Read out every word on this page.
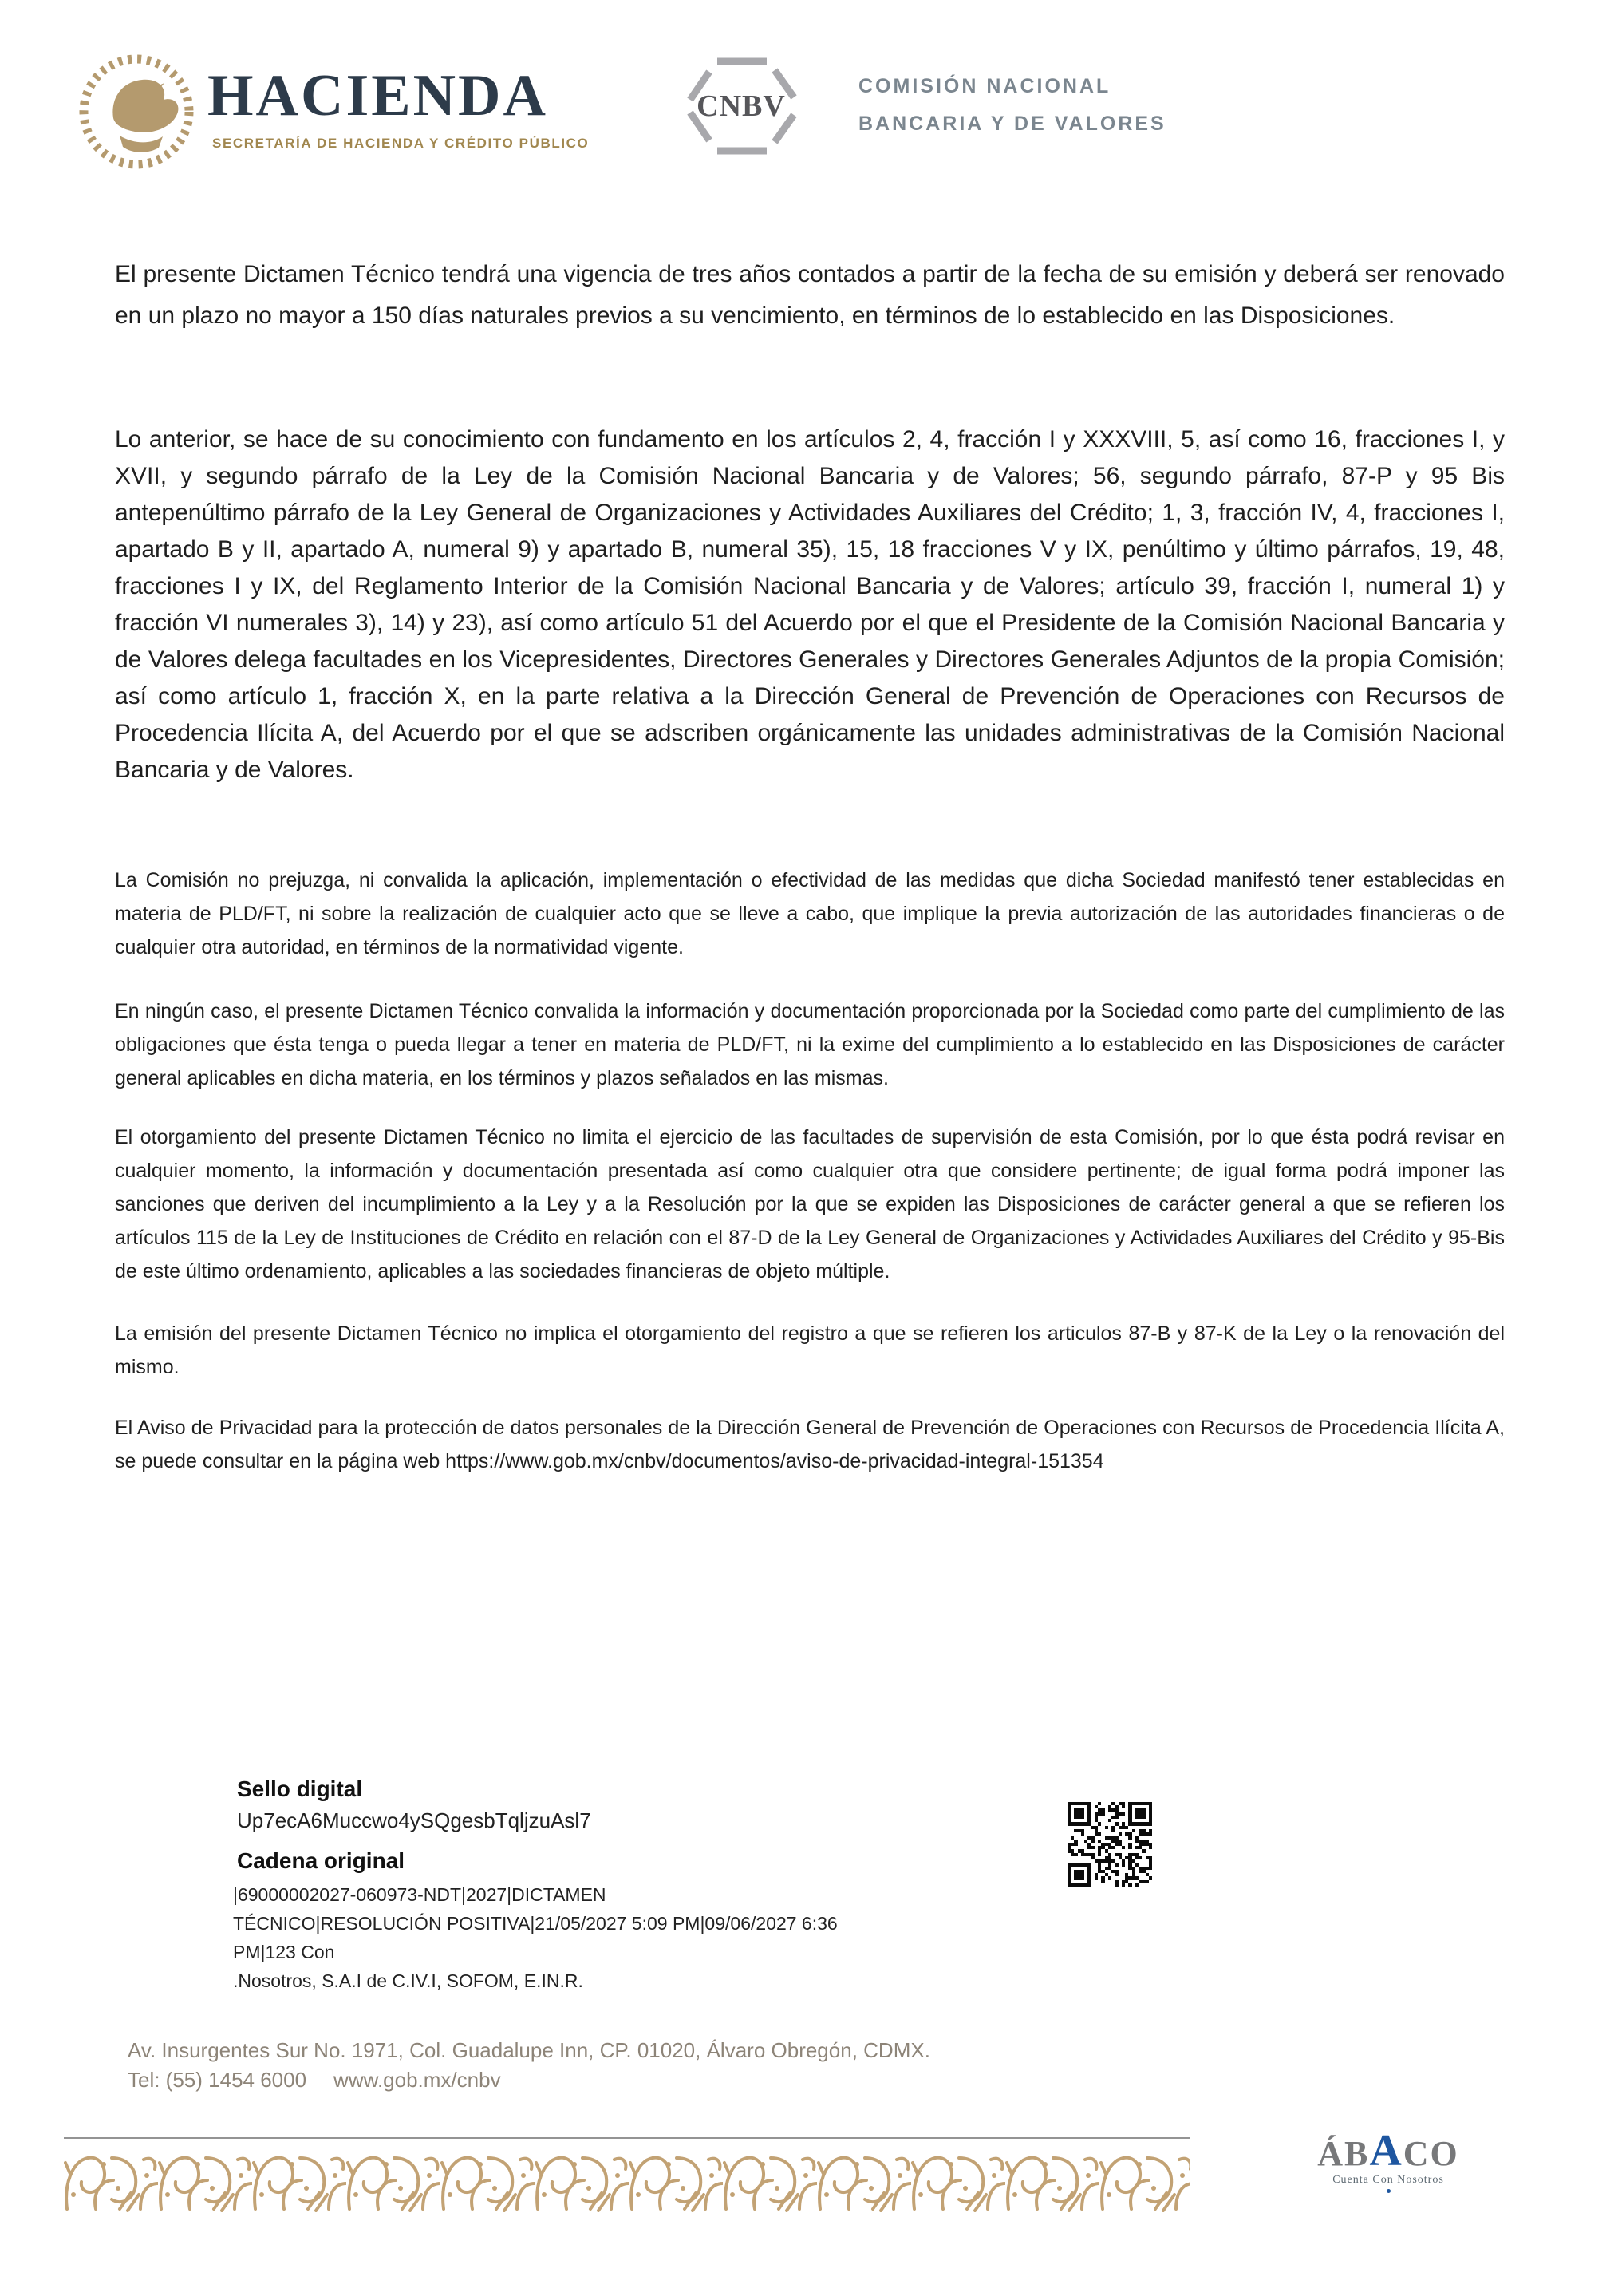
HACIENDA
SECRETARÍA DE HACIENDA Y CRÉDITO PÚBLICO
CNBV
COMISIÓN NACIONAL
BANCARIA Y DE VALORES
El presente Dictamen Técnico tendrá una vigencia de tres años contados a partir de la fecha de su emisión y deberá ser renovado en un plazo no mayor a 150 días naturales previos a su vencimiento, en términos de lo establecido en las Disposiciones.
Lo anterior, se hace de su conocimiento con fundamento en los artículos 2, 4, fracción I y XXXVIII, 5, así como 16, fracciones I, y XVII, y segundo párrafo de la Ley de la Comisión Nacional Bancaria y de Valores; 56, segundo párrafo, 87-P y 95 Bis antepenúltimo párrafo de la Ley General de Organizaciones y Actividades Auxiliares del Crédito; 1, 3, fracción IV, 4, fracciones I, apartado B y II, apartado A, numeral 9) y apartado B, numeral 35), 15, 18 fracciones V y IX, penúltimo y último párrafos, 19, 48, fracciones I y IX, del Reglamento Interior de la Comisión Nacional Bancaria y de Valores; artículo 39, fracción I, numeral 1) y fracción VI numerales 3), 14) y 23), así como artículo 51 del Acuerdo por el que el Presidente de la Comisión Nacional Bancaria y de Valores delega facultades en los Vicepresidentes, Directores Generales y Directores Generales Adjuntos de la propia Comisión; así como artículo 1, fracción X, en la parte relativa a la Dirección General de Prevención de Operaciones con Recursos de Procedencia Ilícita A, del Acuerdo por el que se adscriben orgánicamente las unidades administrativas de la Comisión Nacional Bancaria y de Valores.
La Comisión no prejuzga, ni convalida la aplicación, implementación o efectividad de las medidas que dicha Sociedad manifestó tener establecidas en materia de PLD/FT, ni sobre la realización de cualquier acto que se lleve a cabo, que implique la previa autorización de las autoridades financieras o de cualquier otra autoridad, en términos de la normatividad vigente.
En ningún caso, el presente Dictamen Técnico convalida la información y documentación proporcionada por la Sociedad como parte del cumplimiento de las obligaciones que ésta tenga o pueda llegar a tener en materia de PLD/FT, ni la exime del cumplimiento a lo establecido en las Disposiciones de carácter general aplicables en dicha materia, en los términos y plazos señalados en las mismas.
El otorgamiento del presente Dictamen Técnico no limita el ejercicio de las facultades de supervisión de esta Comisión, por lo que ésta podrá revisar en cualquier momento, la información y documentación presentada así como cualquier otra que considere pertinente; de igual forma podrá imponer las sanciones que deriven del incumplimiento a la Ley y a la Resolución por la que se expiden las Disposiciones de carácter general a que se refieren los artículos 115 de la Ley de Instituciones de Crédito en relación con el 87-D de la Ley General de Organizaciones y Actividades Auxiliares del Crédito y 95-Bis de este último ordenamiento, aplicables a las sociedades financieras de objeto múltiple.
La emisión del presente Dictamen Técnico no implica el otorgamiento del registro a que se refieren los articulos 87-B y 87-K de la Ley o la renovación del mismo.
El Aviso de Privacidad para la protección de datos personales de la Dirección General de Prevención de Operaciones con Recursos de Procedencia Ilícita A, se puede consultar en la página web https://www.gob.mx/cnbv/documentos/aviso-de-privacidad-integral-151354
Sello digital
Up7ecA6Muccwo4ySQgesbTqljzuAsl7
Cadena original
|69000002027-060973-NDT|2027|DICTAMEN
TÉCNICO|RESOLUCIÓN POSITIVA|21/05/2027 5:09 PM|09/06/2027 6:36 PM|123 Con
.Nosotros, S.A.I de C.IV.I, SOFOM, E.IN.R.
Av. Insurgentes Sur No. 1971, Col. Guadalupe Inn, CP. 01020, Álvaro Obregón, CDMX.
Tel: (55) 1454 6000 www.gob.mx/cnbv
ÁBACO
Cuenta Con Nosotros
